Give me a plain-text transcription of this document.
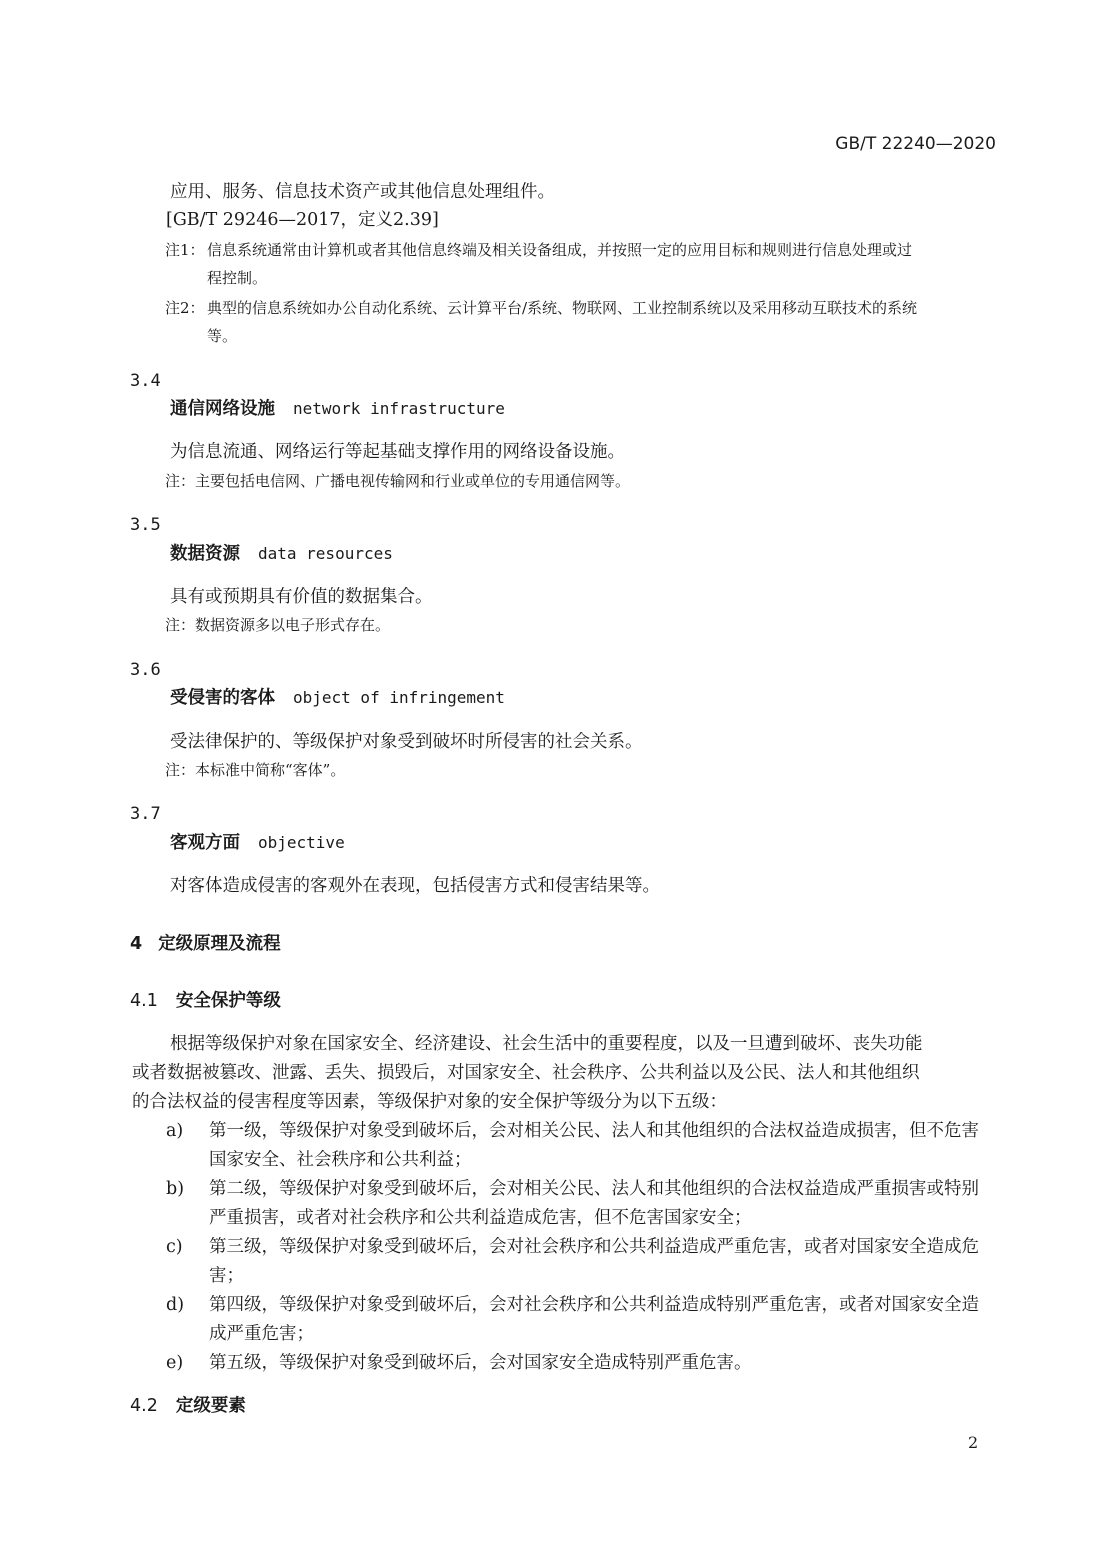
GB/T 22240—2020
应用、服务、信息技术资产或其他信息处理组件。
[GB/T 29246—2017，定义2.39]
注1： 信息系统通常由计算机或者其他信息终端及相关设备组成，并按照一定的应用目标和规则进行信息处理或过
程控制。
注2： 典型的信息系统如办公自动化系统、云计算平台/系统、物联网、工业控制系统以及采用移动互联技术的系统
等。
3.4
通信网络设施 network infrastructure
为信息流通、网络运行等起基础支撑作用的网络设备设施。
注：主要包括电信网、广播电视传输网和行业或单位的专用通信网等。
3.5
数据资源 data resources
具有或预期具有价值的数据集合。
注：数据资源多以电子形式存在。
3.6
受侵害的客体 object of infringement
受法律保护的、等级保护对象受到破坏时所侵害的社会关系。
注：本标准中简称“客体”。
3.7
客观方面 objective
对客体造成侵害的客观外在表现，包括侵害方式和侵害结果等。
4 定级原理及流程
4.1 安全保护等级
根据等级保护对象在国家安全、经济建设、社会生活中的重要程度，以及一旦遭到破坏、丧失功能
或者数据被篡改、泄露、丢失、损毁后，对国家安全、社会秩序、公共利益以及公民、法人和其他组织
的合法权益的侵害程度等因素，等级保护对象的安全保护等级分为以下五级：
a) 第一级，等级保护对象受到破坏后，会对相关公民、法人和其他组织的合法权益造成损害，但不危害国家安全、社会秩序和公共利益；
b) 第二级，等级保护对象受到破坏后，会对相关公民、法人和其他组织的合法权益造成严重损害或特别严重损害，或者对社会秩序和公共利益造成危害，但不危害国家安全；
c) 第三级，等级保护对象受到破坏后，会对社会秩序和公共利益造成严重危害，或者对国家安全造成危害；
d) 第四级，等级保护对象受到破坏后，会对社会秩序和公共利益造成特别严重危害，或者对国家安全造成严重危害；
e) 第五级，等级保护对象受到破坏后，会对国家安全造成特别严重危害。
4.2 定级要素
2
